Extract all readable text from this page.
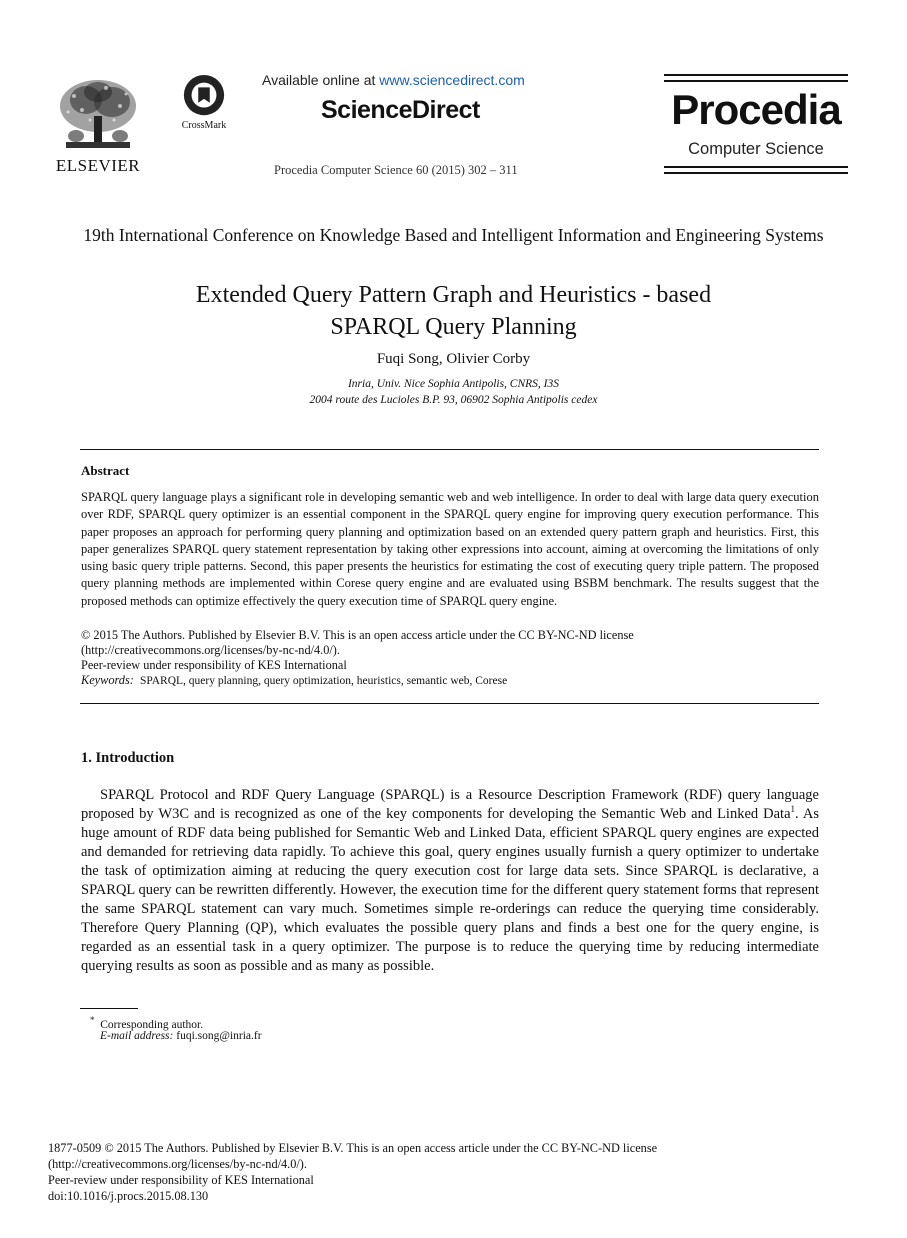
ELSEVIER
CrossMark
Available online at www.sciencedirect.com
ScienceDirect
Procedia Computer Science 60 (2015) 302 – 311
Procedia
Computer Science
19th International Conference on Knowledge Based and Intelligent Information and Engineering Systems
Extended Query Pattern Graph and Heuristics - based
SPARQL Query Planning
Fuqi Song, Olivier Corby
Inria, Univ. Nice Sophia Antipolis, CNRS, I3S
2004 route des Lucioles B.P. 93, 06902 Sophia Antipolis cedex
Abstract
SPARQL query language plays a significant role in developing semantic web and web intelligence. In order to deal with large data query execution over RDF, SPARQL query optimizer is an essential component in the SPARQL query engine for improving query execution performance. This paper proposes an approach for performing query planning and optimization based on an extended query pattern graph and heuristics. First, this paper generalizes SPARQL query statement representation by taking other expressions into account, aiming at overcoming the limitations of only using basic query triple patterns. Second, this paper presents the heuristics for estimating the cost of executing query triple pattern. The proposed query planning methods are implemented within Corese query engine and are evaluated using BSBM benchmark. The results suggest that the proposed methods can optimize effectively the query execution time of SPARQL query engine.
© 2015 The Authors. Published by Elsevier B.V. This is an open access article under the CC BY-NC-ND license
(http://creativecommons.org/licenses/by-nc-nd/4.0/).
Peer-review under responsibility of KES International
Keywords: SPARQL, query planning, query optimization, heuristics, semantic web, Corese
1. Introduction
SPARQL Protocol and RDF Query Language (SPARQL) is a Resource Description Framework (RDF) query language proposed by W3C and is recognized as one of the key components for developing the Semantic Web and Linked Data$^1$. As huge amount of RDF data being published for Semantic Web and Linked Data, efficient SPARQL query engines are expected and demanded for retrieving data rapidly. To achieve this goal, query engines usually furnish a query optimizer to undertake the task of optimization aiming at reducing the query execution cost for large data sets. Since SPARQL is declarative, a SPARQL query can be rewritten differently. However, the execution time for the different query statement forms that represent the same SPARQL statement can vary much. Sometimes simple re-orderings can reduce the querying time considerably. Therefore Query Planning (QP), which evaluates the possible query plans and finds a best one for the query engine, is regarded as an essential task in a query optimizer. The purpose is to reduce the querying time by reducing intermediate querying results as soon as possible and as many as possible.
* Corresponding author.
E-mail address: fuqi.song@inria.fr
1877-0509 © 2015 The Authors. Published by Elsevier B.V. This is an open access article under the CC BY-NC-ND license
(http://creativecommons.org/licenses/by-nc-nd/4.0/).
Peer-review under responsibility of KES International
doi:10.1016/j.procs.2015.08.130
